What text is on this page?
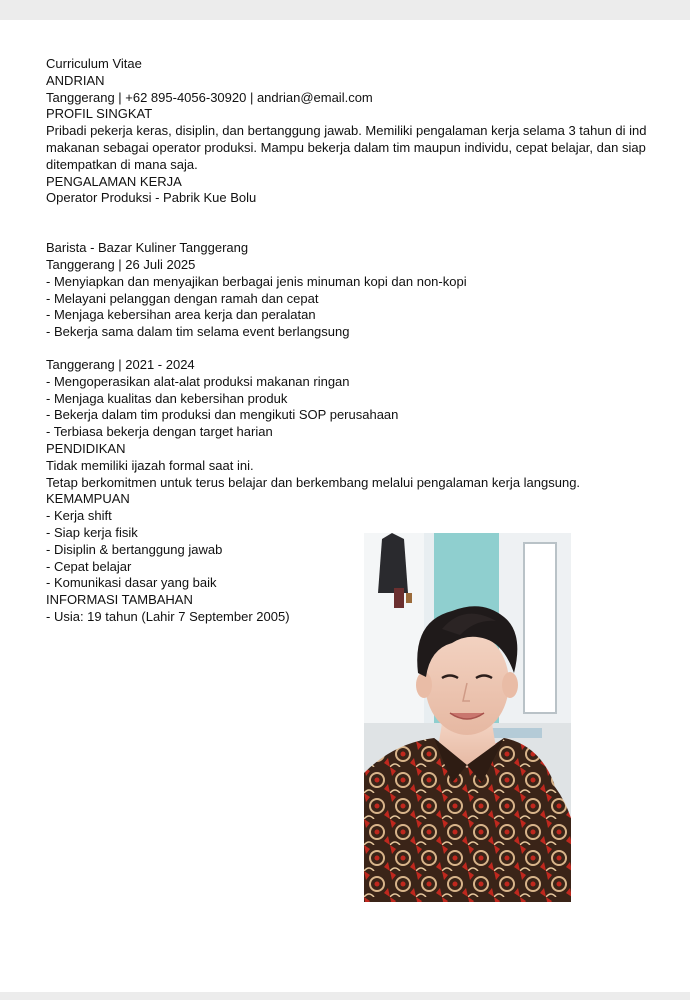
Curriculum Vitae
ANDRIAN
Tanggerang | +62 895-4056-30920 | andrian@email.com
PROFIL SINGKAT
Pribadi pekerja keras, disiplin, dan bertanggung jawab. Memiliki pengalaman kerja selama 3 tahun di ind
makanan sebagai operator produksi. Mampu bekerja dalam tim maupun individu, cepat belajar, dan siap
ditempatkan di mana saja.
PENGALAMAN KERJA
Operator Produksi - Pabrik Kue Bolu
Barista - Bazar Kuliner Tanggerang
Tanggerang | 26 Juli 2025
- Menyiapkan dan menyajikan berbagai jenis minuman kopi dan non-kopi
- Melayani pelanggan dengan ramah dan cepat
- Menjaga kebersihan area kerja dan peralatan
- Bekerja sama dalam tim selama event berlangsung
Tanggerang | 2021 - 2024
- Mengoperasikan alat-alat produksi makanan ringan
- Menjaga kualitas dan kebersihan produk
- Bekerja dalam tim produksi dan mengikuti SOP perusahaan
- Terbiasa bekerja dengan target harian
PENDIDIKAN
Tidak memiliki ijazah formal saat ini.
Tetap berkomitmen untuk terus belajar dan berkembang melalui pengalaman kerja langsung.
KEMAMPUAN
- Kerja shift
- Siap kerja fisik
- Disiplin & bertanggung jawab
- Cepat belajar
- Komunikasi dasar yang baik
INFORMASI TAMBAHAN
- Usia: 19 tahun (Lahir 7 September 2005)
